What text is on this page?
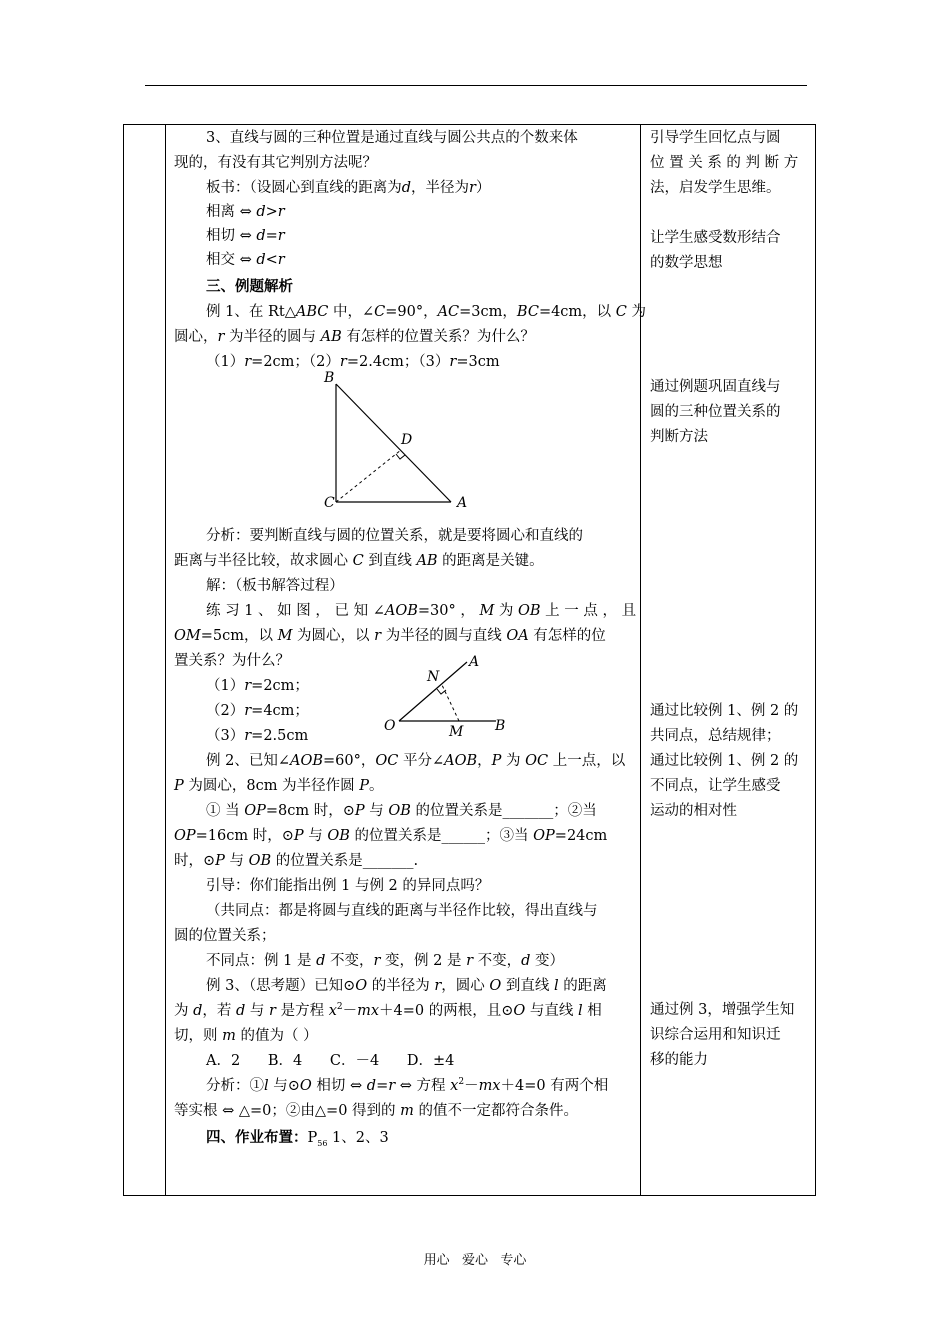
3、直线与圆的三种位置是通过直线与圆公共点的个数来体
现的，有没有其它判别方法呢？
板书：（设圆心到直线的距离为d，半径为r）
相离 ⇔ d>r
相切 ⇔ d=r
相交 ⇔ d<r
三、例题解析
例 1、在 Rt△ABC 中，∠C=90°，AC=3cm，BC=4cm，以 C 为
圆心，r 为半径的圆与 AB 有怎样的位置关系？为什么？
（1）r=2cm；（2）r=2.4cm；（3）r=3cm
B
D
C	A
分析：要判断直线与圆的位置关系，就是要将圆心和直线的
距离与半径比较，故求圆心 C 到直线 AB 的距离是关键。
解：（板书解答过程）
练 习 1 、 如 图 ， 已 知 ∠AOB=30° ， M 为 OB 上 一 点 ， 且
OM=5cm，以 M 为圆心，以 r 为半径的圆与直线 OA 有怎样的位
置关系？为什么？
（1）r=2cm；
（2）r=4cm；
（3）r=2.5cm
N
A
O	M B
例 2、已知∠AOB=60°，OC 平分∠AOB，P 为 OC 上一点，以
P 为圆心，8cm 为半径作圆 P。
① 当 OP=8cm 时，⊙P 与 OB 的位置关系是_______；②当
OP=16cm 时，⊙P 与 OB 的位置关系是______；③当 OP=24cm
时，⊙P 与 OB 的位置关系是_______.
引导：你们能指出例 1 与例 2 的异同点吗？
（共同点：都是将圆与直线的距离与半径作比较，得出直线与
圆的位置关系；
不同点：例 1 是 d 不变，r 变，例 2 是 r 不变，d 变）
例 3、（思考题）已知⊙O 的半径为 r，圆心 O 到直线 l 的距离
为 d，若 d 与 r 是方程 $x^2-mx+4=0$ 的两根，且⊙O 与直线 l 相
切，则 m 的值为（ ）
A．2      B．4      C．－4      D．±4
分析：①l 与⊙O 相切 ⇔ d=r ⇔ 方程 $x^2-mx+4=0$ 有两个相
等实根 ⇔ △=0；②由△=0 得到的 m 的值不一定都符合条件。
四、作业布置：$P_{56}$ 1、2、3
引导学生回忆点与圆
位 置 关 系 的 判 断 方
法，启发学生思维。
让学生感受数形结合
的数学思想
通过例题巩固直线与
圆的三种位置关系的
判断方法
通过比较例 1、例 2 的
共同点，总结规律；
通过比较例 1、例 2 的
不同点，让学生感受
运动的相对性
通过例 3，增强学生知
识综合运用和知识迁
移的能力
用心   爱心   专心
